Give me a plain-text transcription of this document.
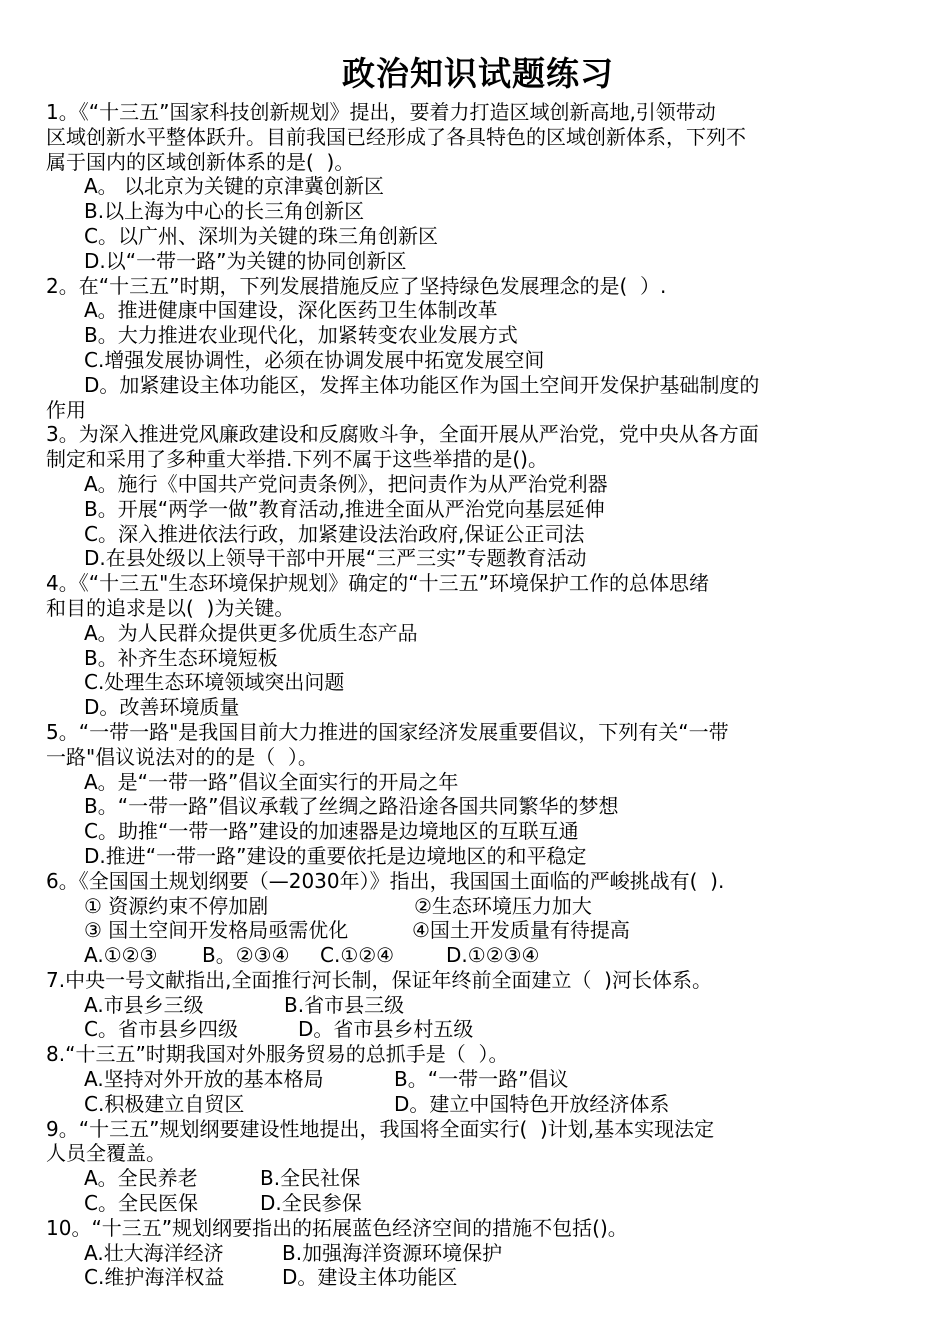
政治知识试题练习
1。《“十三五”国家科技创新规划》提出，要着力打造区域创新高地,引领带动
区域创新水平整体跃升。目前我国已经形成了各具特色的区域创新体系，下列不
属于国内的区域创新体系的是(  )。
A。 以北京为关键的京津冀创新区
B.以上海为中心的长三角创新区
C。以广州、深圳为关键的珠三角创新区
D.以“一带一路”为关键的协同创新区
2。在“十三五”时期，下列发展措施反应了坚持绿色发展理念的是(  ）.
A。推进健康中国建设，深化医药卫生体制改革
B。大力推进农业现代化，加紧转变农业发展方式
C.增强发展协调性，必须在协调发展中拓宽发展空间
D。加紧建设主体功能区，发挥主体功能区作为国土空间开发保护基础制度的
作用
3。为深入推进党风廉政建设和反腐败斗争，全面开展从严治党，党中央从各方面
制定和采用了多种重大举措.下列不属于这些举措的是()。
A。施行《中国共产党问责条例》，把问责作为从严治党利器
B。开展“两学一做”教育活动,推进全面从严治党向基层延伸
C。深入推进依法行政，加紧建设法治政府,保证公正司法
D.在县处级以上领导干部中开展“三严三实”专题教育活动
4。《“十三五"生态环境保护规划》确定的“十三五”环境保护工作的总体思绪
和目的追求是以(  )为关键。
A。为人民群众提供更多优质生态产品
B。补齐生态环境短板
C.处理生态环境领域突出问题
D。改善环境质量
5。“一带一路"是我国目前大力推进的国家经济发展重要倡议，下列有关“一带
一路"倡议说法对的的是（  ）。
A。是“一带一路”倡议全面实行的开局之年
B。“一带一路”倡议承载了丝绸之路沿途各国共同繁华的梦想
C。助推“一带一路”建设的加速器是边境地区的互联互通
D.推进“一带一路”建设的重要依托是边境地区的和平稳定
6。《全国国土规划纲要（—2030年）》指出，我国国土面临的严峻挑战有(  ).
① 资源约束不停加剧	②生态环境压力加大
③ 国土空间开发格局亟需优化	④国土开发质量有待提高
A.①②③	B。②③④	C.①②④	D.①②③④
7.中央一号文献指出,全面推行河长制，保证年终前全面建立（  )河长体系。
A.市县乡三级	B.省市县三级
C。省市县乡四级	D。省市县乡村五级
8.“十三五”时期我国对外服务贸易的总抓手是（  ）。
A.坚持对外开放的基本格局	B。“一带一路”倡议
C.积极建立自贸区	D。建立中国特色开放经济体系
9。“十三五”规划纲要建设性地提出，我国将全面实行(  )计划,基本实现法定
人员全覆盖。
A。全民养老	B.全民社保
C。全民医保	D.全民参保
10。“十三五”规划纲要指出的拓展蓝色经济空间的措施不包括()。
A.壮大海洋经济	B.加强海洋资源环境保护
C.维护海洋权益	D。建设主体功能区
